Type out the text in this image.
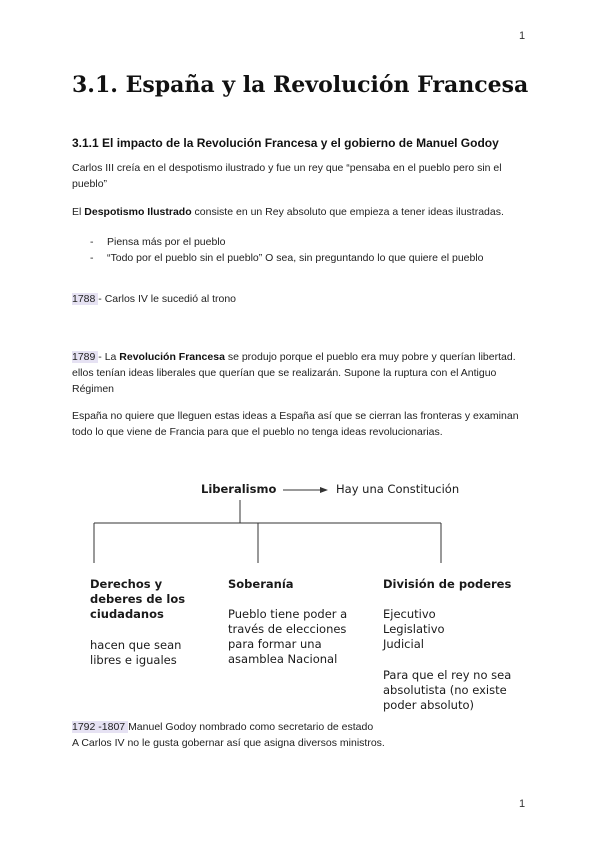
1
3.1. España y la Revolución Francesa
3.1.1 El impacto de la Revolución Francesa y el gobierno de Manuel Godoy

Carlos III creía en el despotismo ilustrado y fue un rey que “pensaba en el pueblo pero sin el pueblo”

El Despotismo Ilustrado consiste en un Rey absoluto que empieza a tener ideas ilustradas.

- Piensa más por el pueblo
- “Todo por el pueblo sin el pueblo” O sea, sin preguntando lo que quiere el pueblo

1788 - Carlos IV le sucedió al trono

1789 - La Revolución Francesa se produjo porque el pueblo era muy pobre y querían libertad. ellos tenían ideas liberales que querían que se realizarán. Supone la ruptura con el Antiguo Régimen

España no quiere que lleguen estas ideas a España así que se cierran las fronteras y examinan todo lo que viene de Francia para que el pueblo no tenga ideas revolucionarias.

Liberalismo	Hay una Constitución
Derechos y
deberes de los
ciudadanos
hacen que sean
libres e iguales
Soberanía
Pueblo tiene poder a
través de elecciones
para formar una
asamblea Nacional
División de poderes
Ejecutivo
Legislativo
Judicial
Para que el rey no sea
absolutista (no existe
poder absoluto)

1792 -1807 Manuel Godoy nombrado como secretario de estado

A Carlos IV no le gusta gobernar así que asigna diversos ministros.

1
